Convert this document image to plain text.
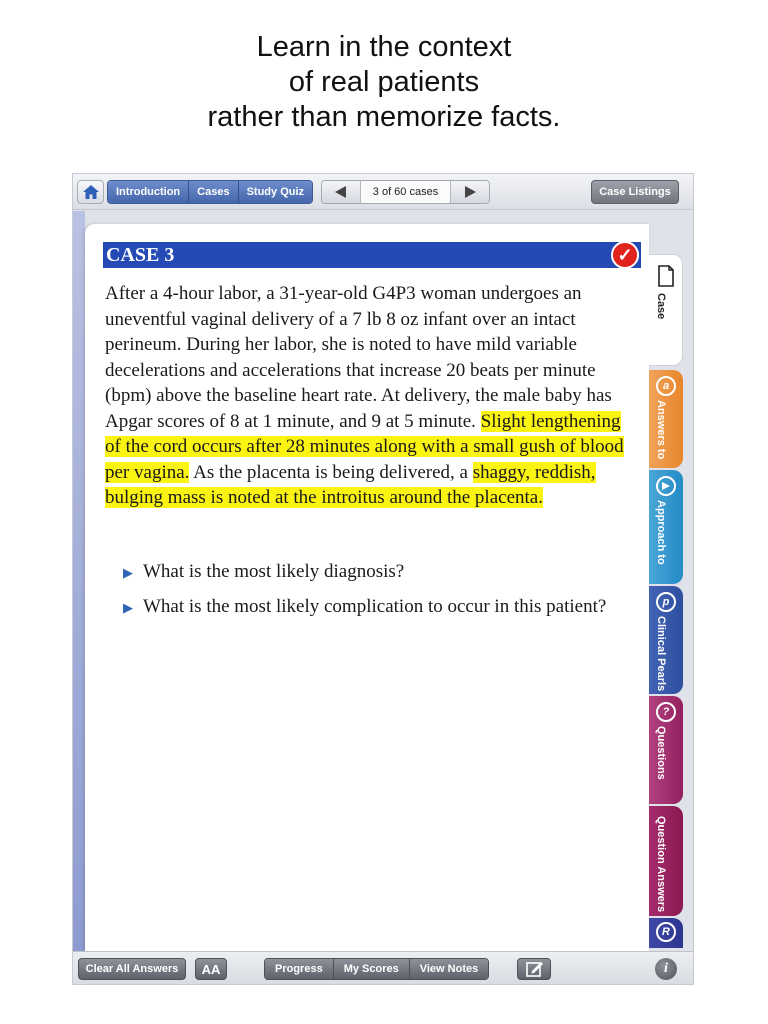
Learn in the context
of real patients
rather than memorize facts.
Introduction	Cases	Study Quiz	3 of 60 cases	Case Listings
CASE 3	✓
After a 4-hour labor, a 31-year-old G4P3 woman undergoes an uneventful vaginal delivery of a 7 lb 8 oz infant over an intact perineum. During her labor, she is noted to have mild variable decelerations and accelerations that increase 20 beats per minute (bpm) above the baseline heart rate. At delivery, the male baby has Apgar scores of 8 at 1 minute, and 9 at 5 minute. Slight lengthening of the cord occurs after 28 minutes along with a small gush of blood per vagina. As the placenta is being delivered, a shaggy, reddish, bulging mass is noted at the introitus around the placenta.
▶ What is the most likely diagnosis?
▶ What is the most likely complication to occur in this patient?
Case
a
Answers to
Approach to
p
Clinical Pearls
?
Questions
Question Answers
R
Clear All Answers	AA	Progress	My Scores	View Notes	i
